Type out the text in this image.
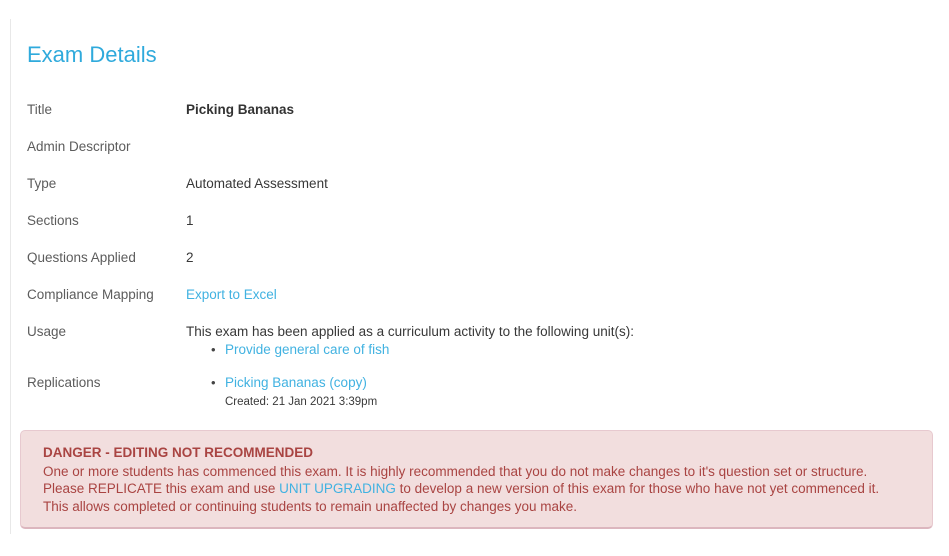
Exam Details
Title	Picking Bananas
Admin Descriptor
Type	Automated Assessment
Sections	1
Questions Applied	2
Compliance Mapping	Export to Excel
Usage	This exam has been applied as a curriculum activity to the following unit(s):
• Provide general care of fish
Replications	• Picking Bananas (copy)
Created: 21 Jan 2021 3:39pm
DANGER - EDITING NOT RECOMMENDED
One or more students has commenced this exam. It is highly recommended that you do not make changes to it's question set or structure. Please REPLICATE this exam and use UNIT UPGRADING to develop a new version of this exam for those who have not yet commenced it. This allows completed or continuing students to remain unaffected by changes you make.
